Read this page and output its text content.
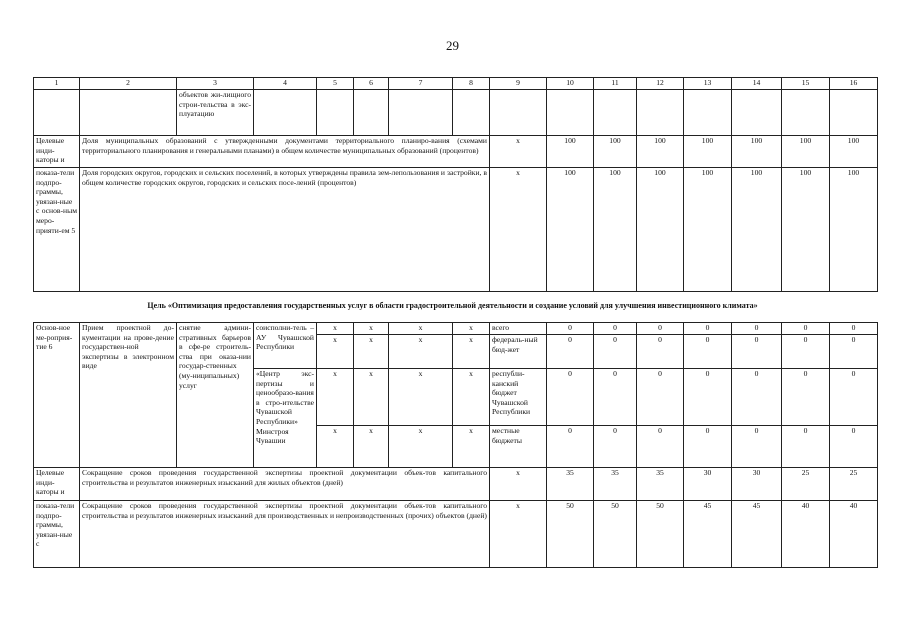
29
1	2	3	4	5	6	7	8	9	10	11	12	13	14	15	16
		объектов жи-лищного строи-тельства в экс-плуатацию													
Целевые инди-каторы и	Доля муниципальных образований с утвержденными документами территориального планиро-вания (схемами территориального планирования и генеральными планами) в общем количестве муниципальных образований (процентов)							х	100	100	100	100	100	100	100
показа-тели подпро-граммы, увязан-ные с основ-ным меро-прияти-ем 5	Доля городских округов, городских и сельских поселений, в которых утверждены правила зем-лепользования и застройки, в общем количестве городских округов, городских и сельских посе-лений (процентов)							х	100	100	100	100	100	100	100
Цель «Оптимизация предоставления государственных услуг в области градостроительной деятельности и создание условий для улучшения инвестиционного климата»
Основ-ное ме-роприя-тие 6	Прием проектной до-кументации на прове-дение государствен-ной экспертизы в электронном виде	снятие админи-стративных барьеров в сфе-ре строитель-ства при оказа-нии государ-ственных (му-ниципальных) услуг	соисполни-тель – АУ Чувашской Республики	х	х	х	х	всего	0	0	0	0	0	0	0
				х	х	х	х	федераль-ный бюд-жет	0	0	0	0	0	0	0
			«Центр экс-пертизы и ценообразо-вания в стро-ительстве Чувашской Республики» Минстроя Чувашии	х	х	х	х	республи-канский бюджет Чувашской Республики	0	0	0	0	0	0	0
				х	х	х	х	местные бюджеты	0	0	0	0	0	0	0
Целевые инди-каторы и	Сокращение сроков проведения государственной экспертизы проектной документации объек-тов капитального строительства и результатов инженерных изысканий для жилых объектов (дней)							х	35	35	35	30	30	25	25
показа-тели подпро-граммы, увязан-ные с	Сокращение сроков проведения государственной экспертизы проектной документации объек-тов капитального строительства и результатов инженерных изысканий для производственных и непроизводственных (прочих) объектов (дней)							х	50	50	50	45	45	40	40
